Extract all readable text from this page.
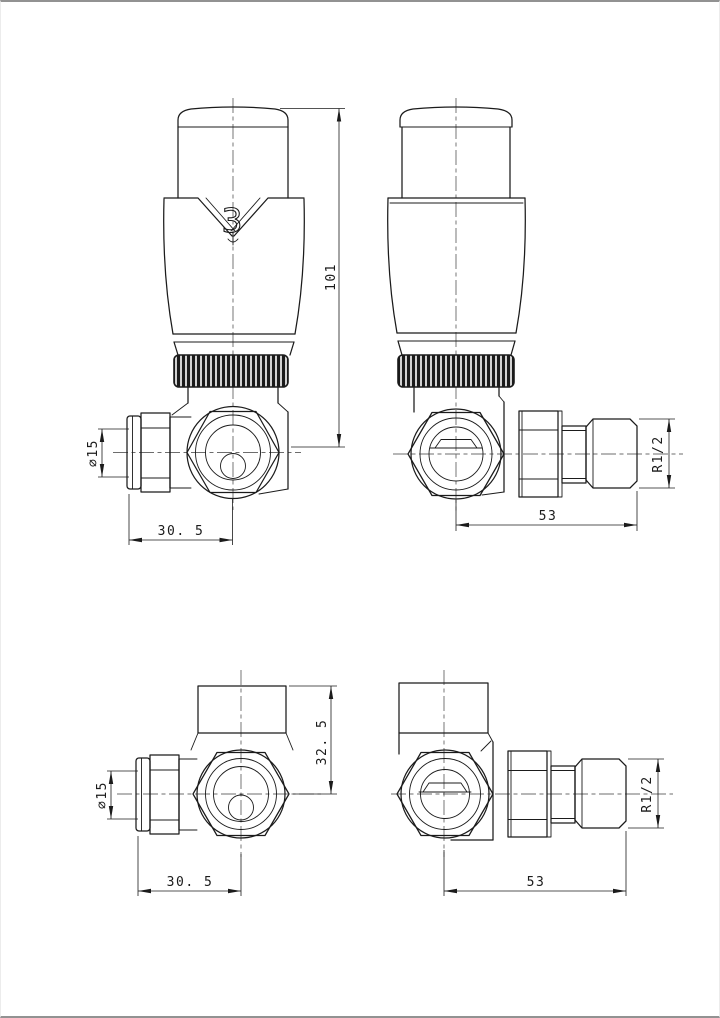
3
∅15
30. 5
101
R1/2
53
∅15
30. 5
32. 5
R1/2
53
